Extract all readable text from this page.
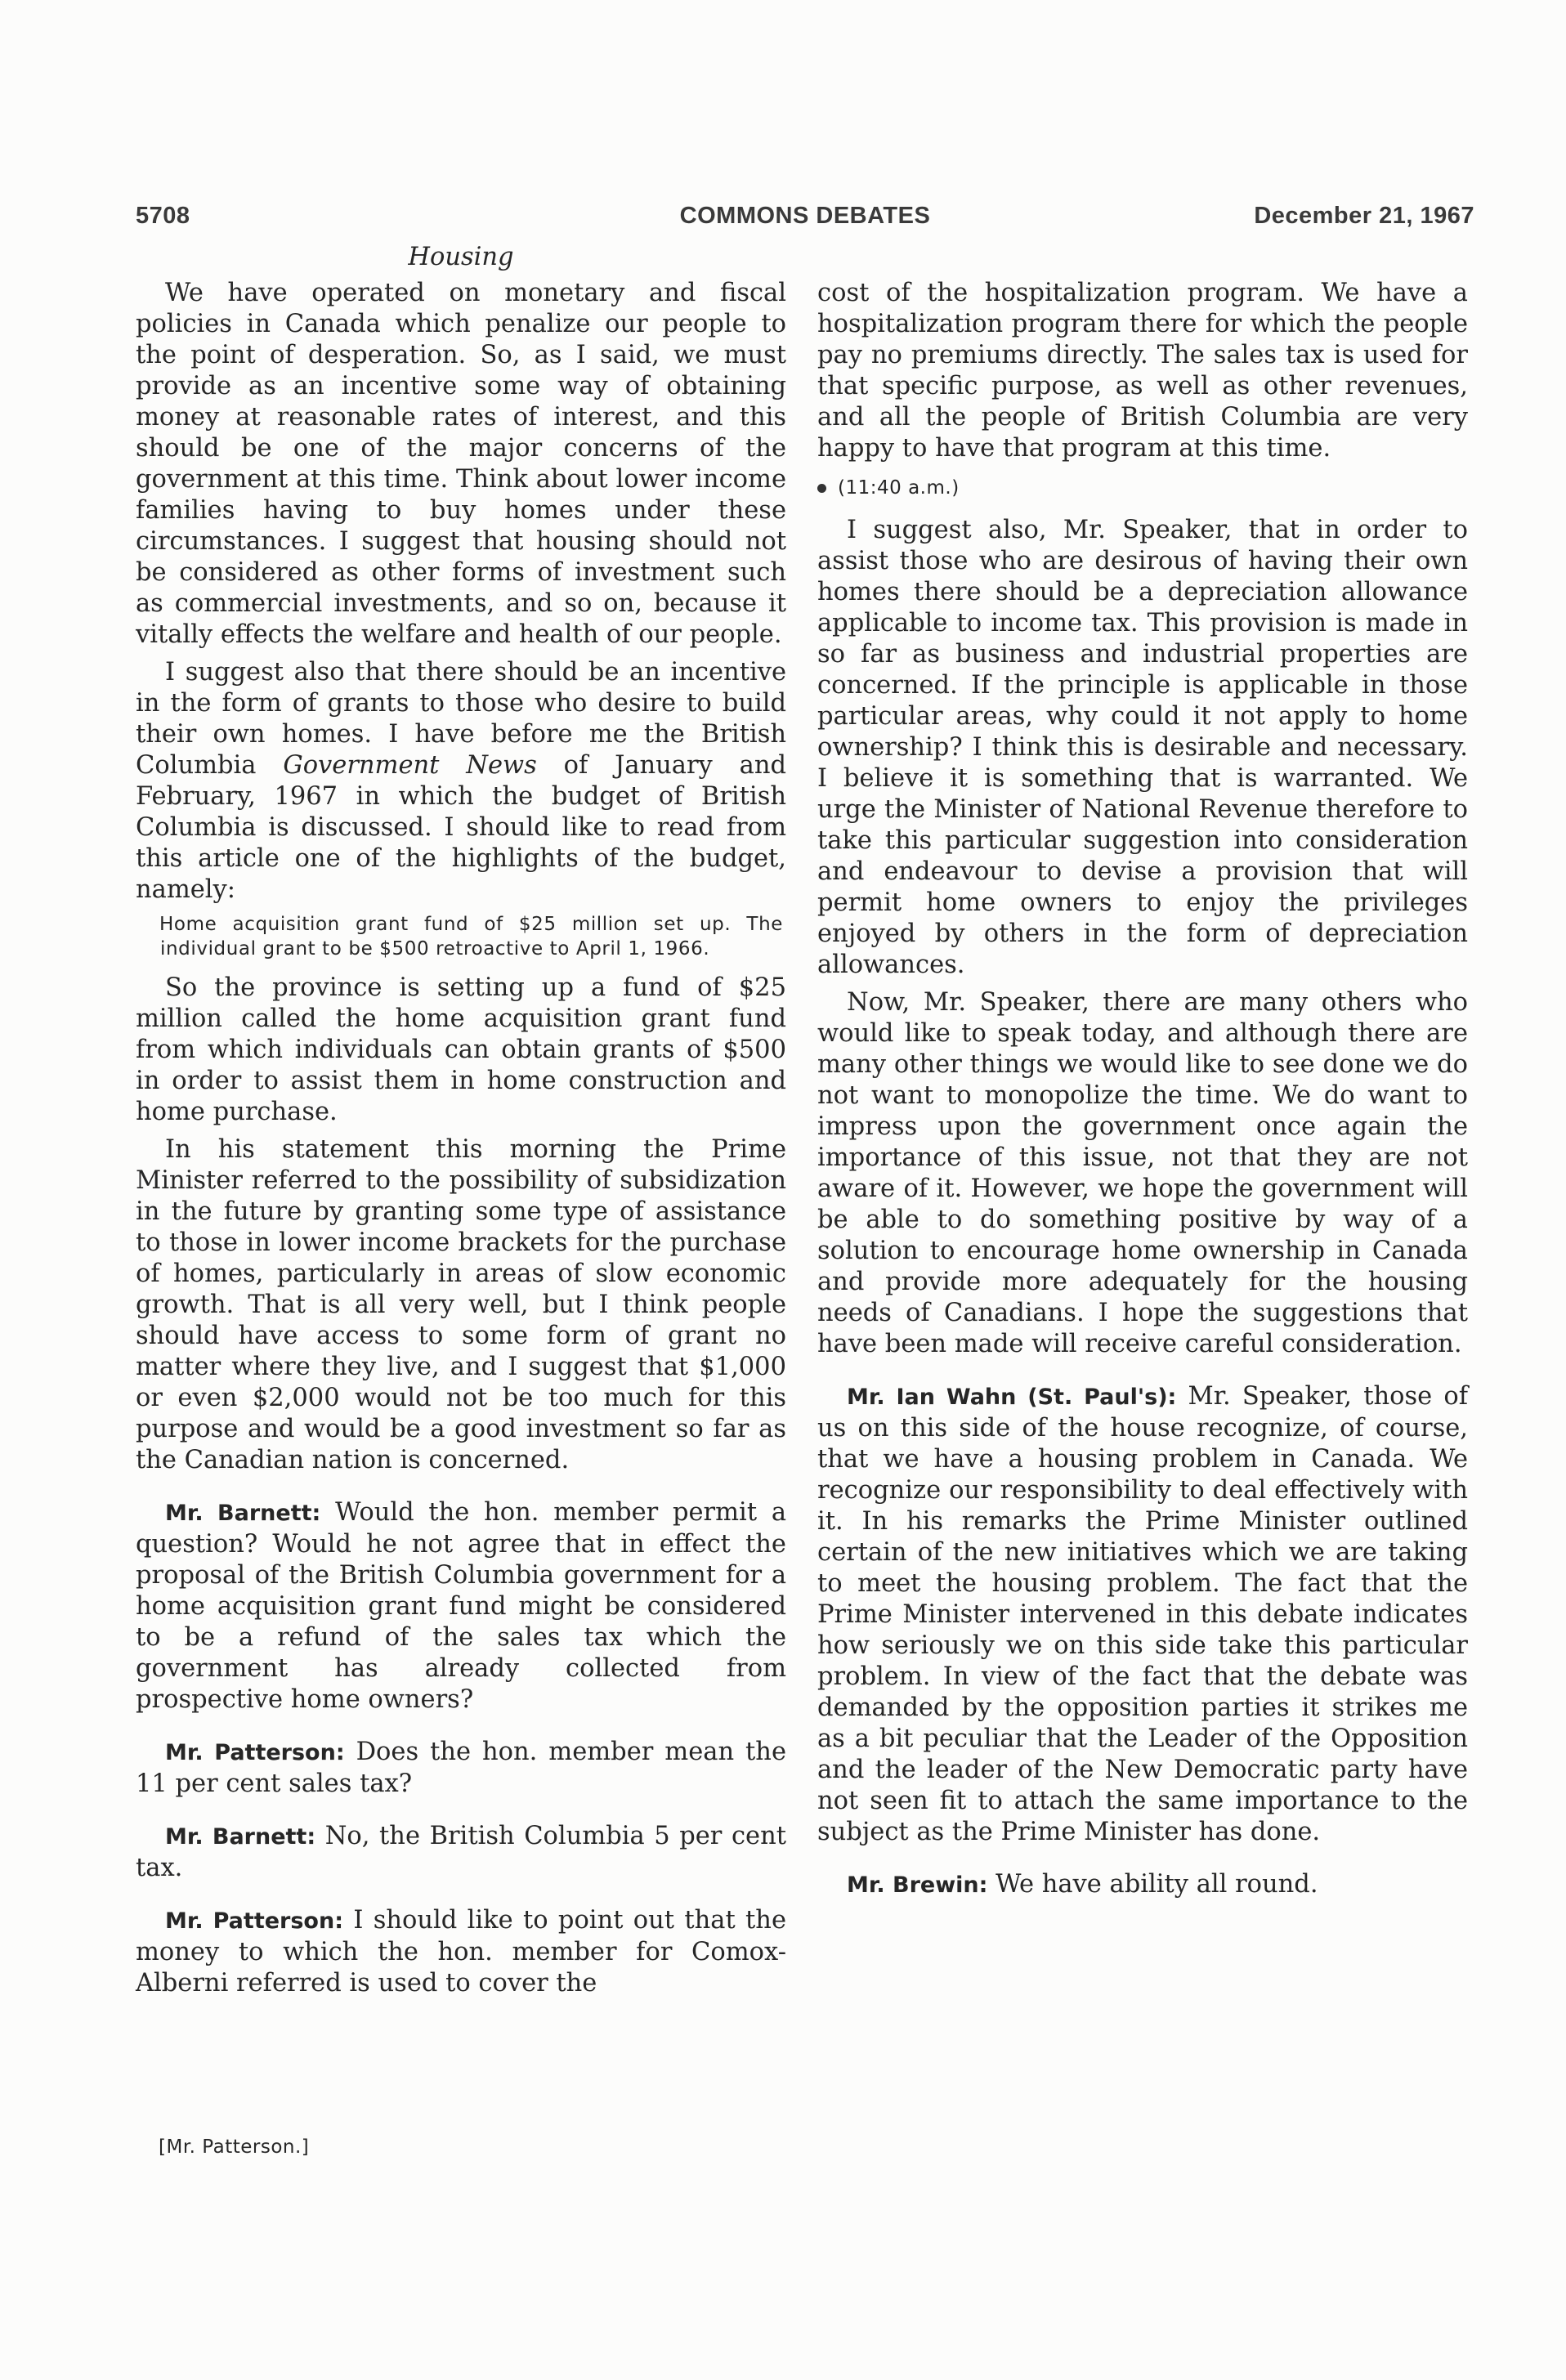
5708	COMMONS DEBATES	December 21, 1967
Housing

We have operated on monetary and fiscal policies in Canada which penalize our people to the point of desperation. So, as I said, we must provide as an incentive some way of obtaining money at reasonable rates of interest, and this should be one of the major concerns of the government at this time. Think about lower income families having to buy homes under these circumstances. I suggest that housing should not be considered as other forms of investment such as commercial investments, and so on, because it vitally effects the welfare and health of our people.

I suggest also that there should be an incentive in the form of grants to those who desire to build their own homes. I have before me the British Columbia Government News of January and February, 1967 in which the budget of British Columbia is discussed. I should like to read from this article one of the highlights of the budget, namely:

Home acquisition grant fund of $25 million set up. The individual grant to be $500 retroactive to April 1, 1966.

So the province is setting up a fund of $25 million called the home acquisition grant fund from which individuals can obtain grants of $500 in order to assist them in home construction and home purchase.

In his statement this morning the Prime Minister referred to the possibility of subsidization in the future by granting some type of assistance to those in lower income brackets for the purchase of homes, particularly in areas of slow economic growth. That is all very well, but I think people should have access to some form of grant no matter where they live, and I suggest that $1,000 or even $2,000 would not be too much for this purpose and would be a good investment so far as the Canadian nation is concerned.

Mr. Barnett: Would the hon. member permit a question? Would he not agree that in effect the proposal of the British Columbia government for a home acquisition grant fund might be considered to be a refund of the sales tax which the government has already collected from prospective home owners?

Mr. Patterson: Does the hon. member mean the 11 per cent sales tax?

Mr. Barnett: No, the British Columbia 5 per cent tax.

Mr. Patterson: I should like to point out that the money to which the hon. member for Comox-Alberni referred is used to cover the

[Mr. Patterson.]

cost of the hospitalization program. We have a hospitalization program there for which the people pay no premiums directly. The sales tax is used for that specific purpose, as well as other revenues, and all the people of British Columbia are very happy to have that program at this time.

(11:40 a.m.)

I suggest also, Mr. Speaker, that in order to assist those who are desirous of having their own homes there should be a depreciation allowance applicable to income tax. This provision is made in so far as business and industrial properties are concerned. If the principle is applicable in those particular areas, why could it not apply to home ownership? I think this is desirable and necessary. I believe it is something that is warranted. We urge the Minister of National Revenue therefore to take this particular suggestion into consideration and endeavour to devise a provision that will permit home owners to enjoy the privileges enjoyed by others in the form of depreciation allowances.

Now, Mr. Speaker, there are many others who would like to speak today, and although there are many other things we would like to see done we do not want to monopolize the time. We do want to impress upon the government once again the importance of this issue, not that they are not aware of it. However, we hope the government will be able to do something positive by way of a solution to encourage home ownership in Canada and provide more adequately for the housing needs of Canadians. I hope the suggestions that have been made will receive careful consideration.

Mr. Ian Wahn (St. Paul's): Mr. Speaker, those of us on this side of the house recognize, of course, that we have a housing problem in Canada. We recognize our responsibility to deal effectively with it. In his remarks the Prime Minister outlined certain of the new initiatives which we are taking to meet the housing problem. The fact that the Prime Minister intervened in this debate indicates how seriously we on this side take this particular problem. In view of the fact that the debate was demanded by the opposition parties it strikes me as a bit peculiar that the Leader of the Opposition and the leader of the New Democratic party have not seen fit to attach the same importance to the subject as the Prime Minister has done.

Mr. Brewin: We have ability all round.
